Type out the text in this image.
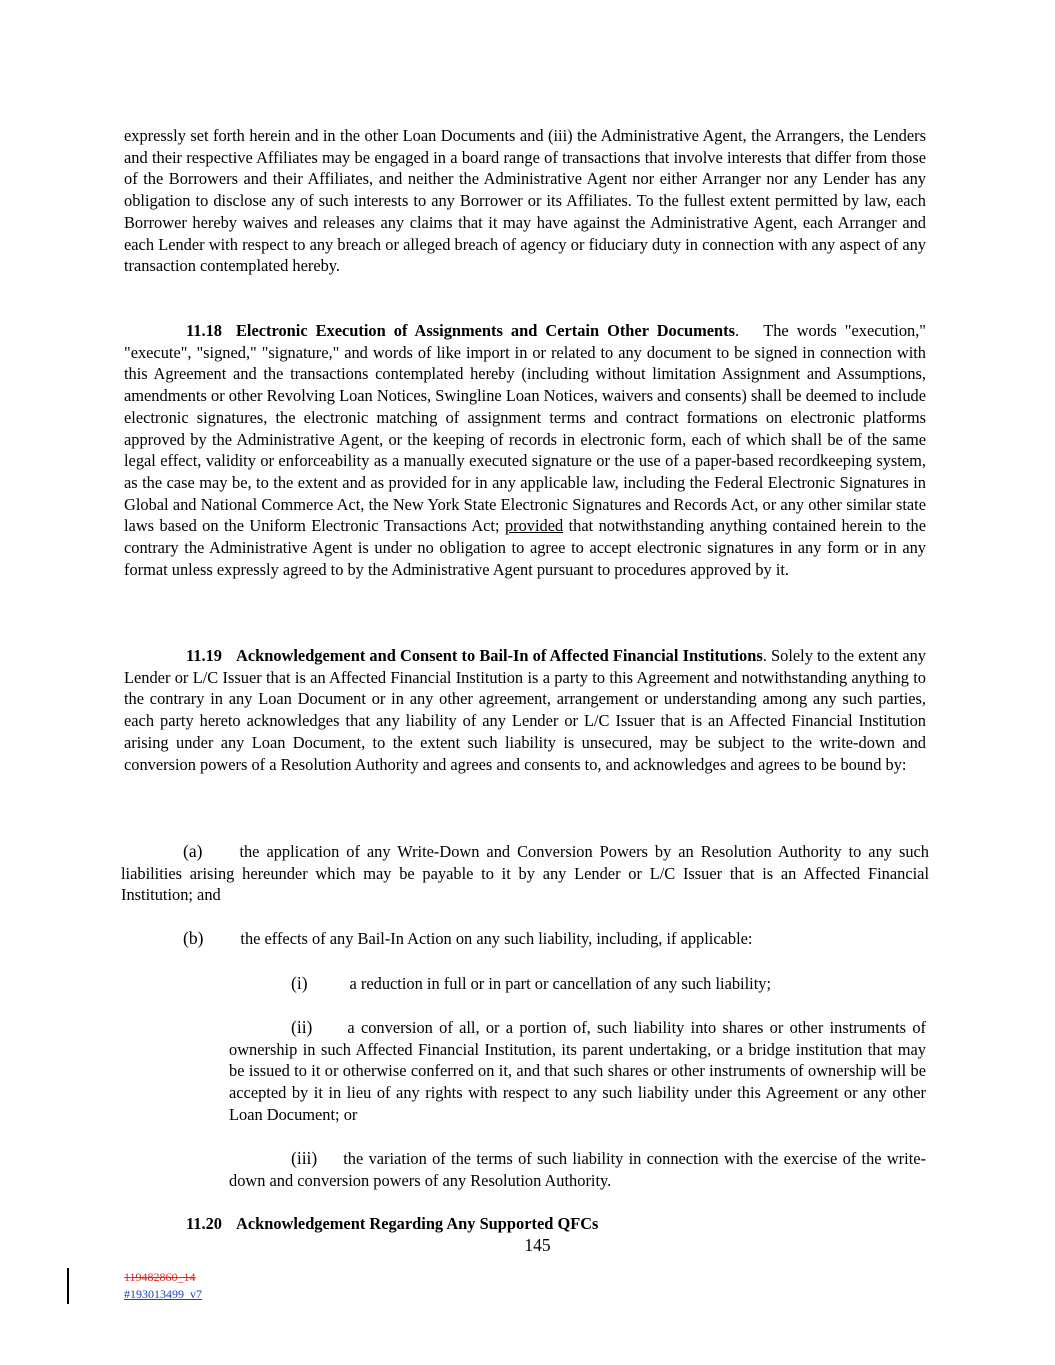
expressly set forth herein and in the other Loan Documents and (iii) the Administrative Agent, the Arrangers, the Lenders and their respective Affiliates may be engaged in a board range of transactions that involve interests that differ from those of the Borrowers and their Affiliates, and neither the Administrative Agent nor either Arranger nor any Lender has any obligation to disclose any of such interests to any Borrower or its Affiliates. To the fullest extent permitted by law, each Borrower hereby waives and releases any claims that it may have against the Administrative Agent, each Arranger and each Lender with respect to any breach or alleged breach of agency or fiduciary duty in connection with any aspect of any transaction contemplated hereby.

11.18 Electronic Execution of Assignments and Certain Other Documents. The words "execution," "execute", "signed," "signature," and words of like import in or related to any document to be signed in connection with this Agreement and the transactions contemplated hereby (including without limitation Assignment and Assumptions, amendments or other Revolving Loan Notices, Swingline Loan Notices, waivers and consents) shall be deemed to include electronic signatures, the electronic matching of assignment terms and contract formations on electronic platforms approved by the Administrative Agent, or the keeping of records in electronic form, each of which shall be of the same legal effect, validity or enforceability as a manually executed signature or the use of a paper-based recordkeeping system, as the case may be, to the extent and as provided for in any applicable law, including the Federal Electronic Signatures in Global and National Commerce Act, the New York State Electronic Signatures and Records Act, or any other similar state laws based on the Uniform Electronic Transactions Act; provided that notwithstanding anything contained herein to the contrary the Administrative Agent is under no obligation to agree to accept electronic signatures in any form or in any format unless expressly agreed to by the Administrative Agent pursuant to procedures approved by it.

11.19 Acknowledgement and Consent to Bail-In of Affected Financial Institutions. Solely to the extent any Lender or L/C Issuer that is an Affected Financial Institution is a party to this Agreement and notwithstanding anything to the contrary in any Loan Document or in any other agreement, arrangement or understanding among any such parties, each party hereto acknowledges that any liability of any Lender or L/C Issuer that is an Affected Financial Institution arising under any Loan Document, to the extent such liability is unsecured, may be subject to the write-down and conversion powers of a Resolution Authority and agrees and consents to, and acknowledges and agrees to be bound by:

(a) the application of any Write-Down and Conversion Powers by an Resolution Authority to any such liabilities arising hereunder which may be payable to it by any Lender or L/C Issuer that is an Affected Financial Institution; and

(b) the effects of any Bail-In Action on any such liability, including, if applicable:

(i)	a reduction in full or in part or cancellation of any such liability;

(ii) a conversion of all, or a portion of, such liability into shares or other instruments of ownership in such Affected Financial Institution, its parent undertaking, or a bridge institution that may be issued to it or otherwise conferred on it, and that such shares or other instruments of ownership will be accepted by it in lieu of any rights with respect to any such liability under this Agreement or any other Loan Document; or

(iii) the variation of the terms of such liability in connection with the exercise of the write-down and conversion powers of any Resolution Authority.

11.20 Acknowledgement Regarding Any Supported QFCs

145
119482860_14
#193013499_v7
